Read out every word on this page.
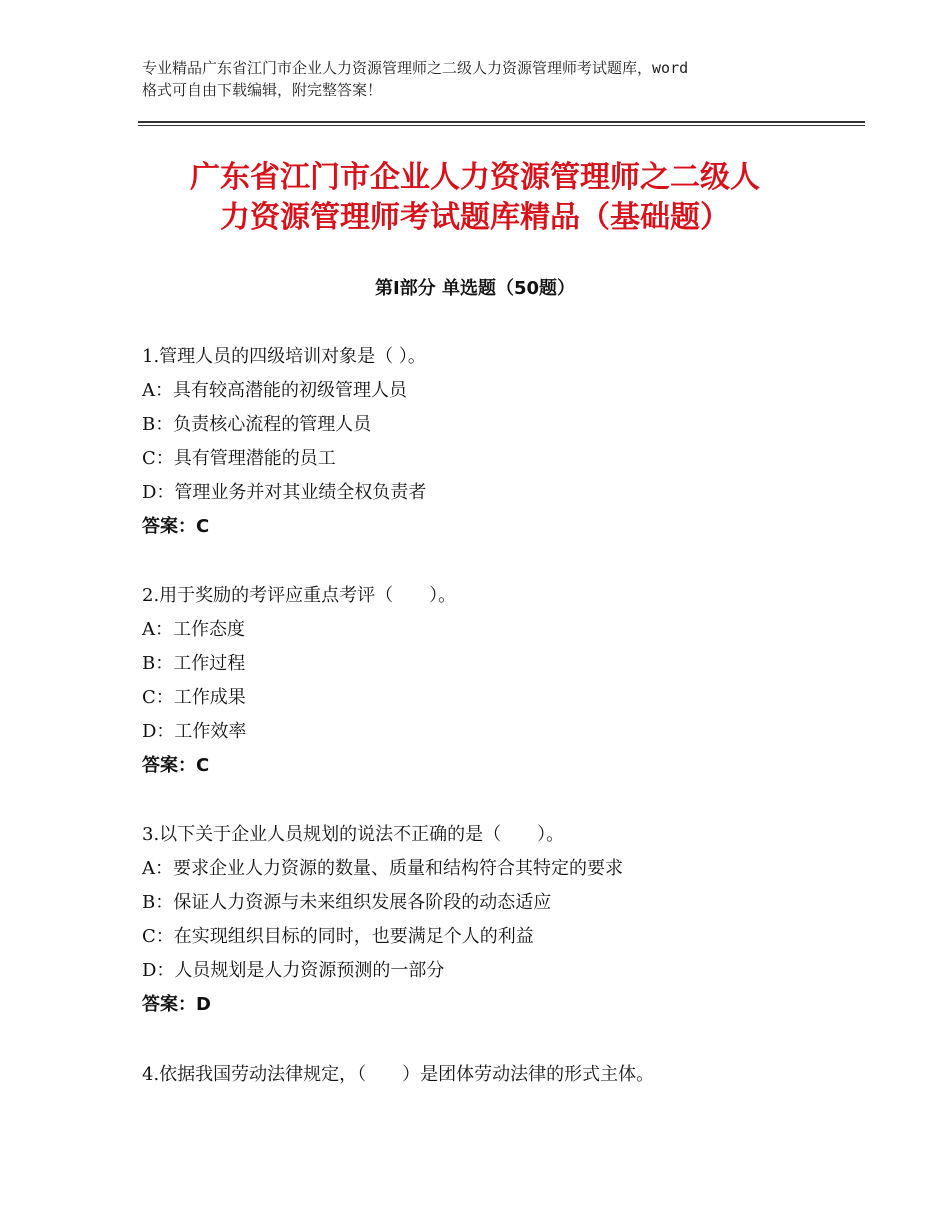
专业精品广东省江门市企业人力资源管理师之二级人力资源管理师考试题库，word
格式可自由下载编辑，附完整答案！
广东省江门市企业人力资源管理师之二级人
力资源管理师考试题库精品（基础题）
第Ⅰ部分 单选题（50题）
1.管理人员的四级培训对象是（ ）。
A：具有较高潜能的初级管理人员
B：负责核心流程的管理人员
C：具有管理潜能的员工
D：管理业务并对其业绩全权负责者
答案：C
2.用于奖励的考评应重点考评（　　）。
A：工作态度
B：工作过程
C：工作成果
D：工作效率
答案：C
3.以下关于企业人员规划的说法不正确的是（　　）。
A：要求企业人力资源的数量、质量和结构符合其特定的要求
B：保证人力资源与未来组织发展各阶段的动态适应
C：在实现组织目标的同时，也要满足个人的利益
D：人员规划是人力资源预测的一部分
答案：D
4.依据我国劳动法律规定，（　　）是团体劳动法律的形式主体。
